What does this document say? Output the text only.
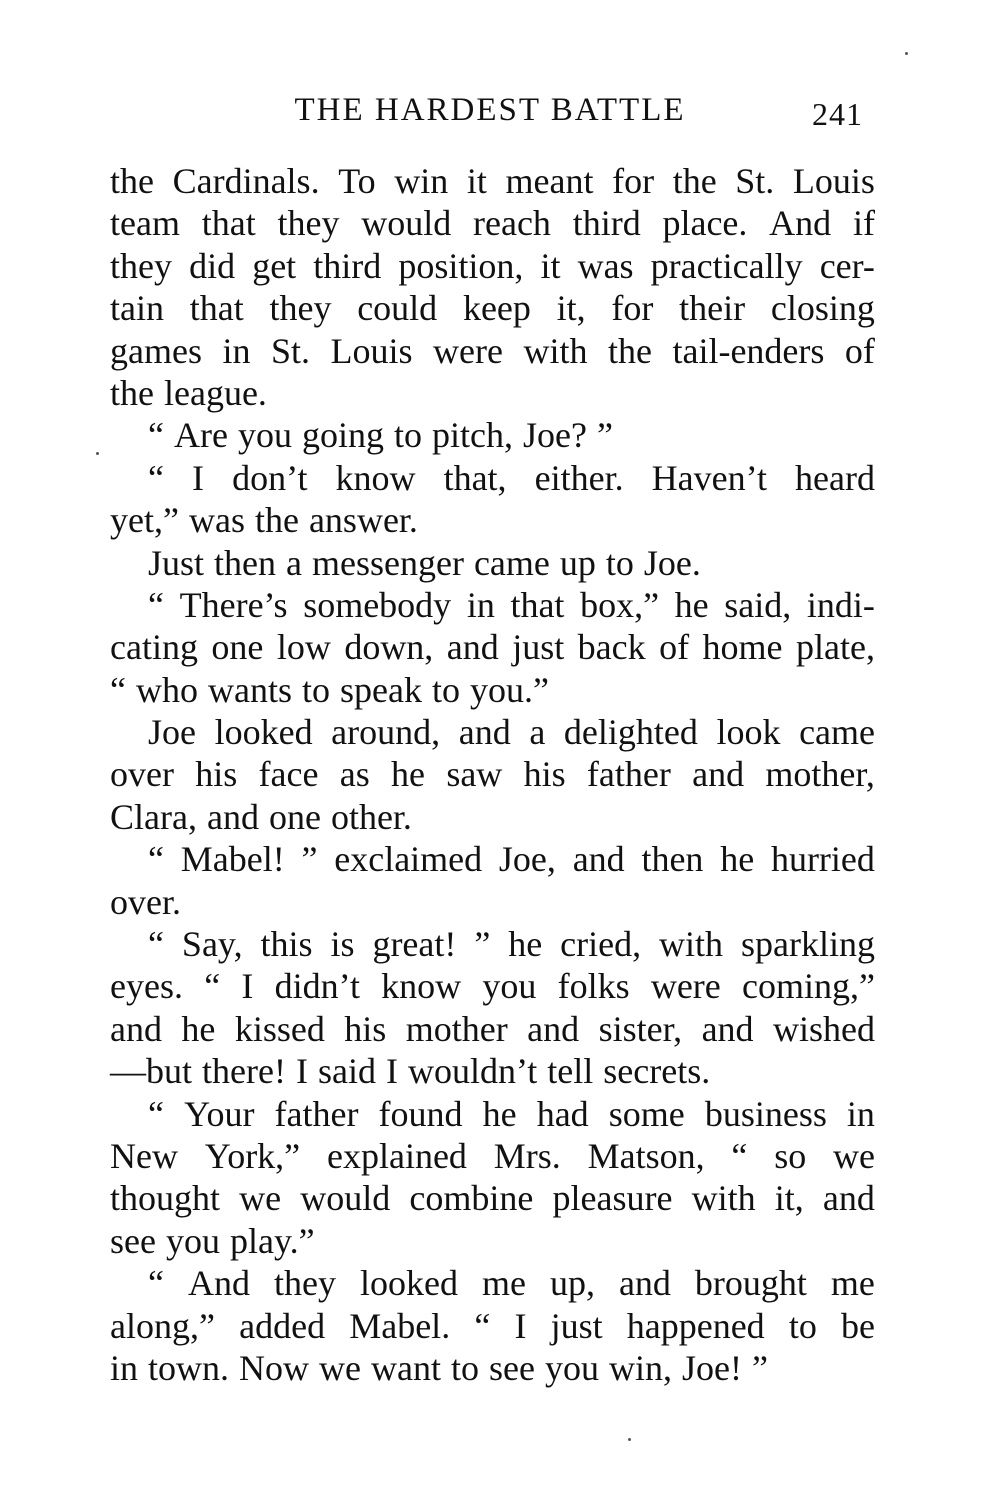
THE HARDEST BATTLE	241
the Cardinals. To win it meant for the St. Louis
team that they would reach third place. And if
they did get third position, it was practically cer-
tain that they could keep it, for their closing
games in St. Louis were with the tail-enders of
the league.
“ Are you going to pitch, Joe? ”
“ I don’t know that, either. Haven’t heard
yet,” was the answer.
Just then a messenger came up to Joe.
“ There’s somebody in that box,” he said, indi-
cating one low down, and just back of home plate,
“ who wants to speak to you.”
Joe looked around, and a delighted look came
over his face as he saw his father and mother,
Clara, and one other.
“ Mabel! ” exclaimed Joe, and then he hurried
over.
“ Say, this is great! ” he cried, with sparkling
eyes. “ I didn’t know you folks were coming,”
and he kissed his mother and sister, and wished
—but there! I said I wouldn’t tell secrets.
“ Your father found he had some business in
New York,” explained Mrs. Matson, “ so we
thought we would combine pleasure with it, and
see you play.”
“ And they looked me up, and brought me
along,” added Mabel. “ I just happened to be
in town. Now we want to see you win, Joe! ”
